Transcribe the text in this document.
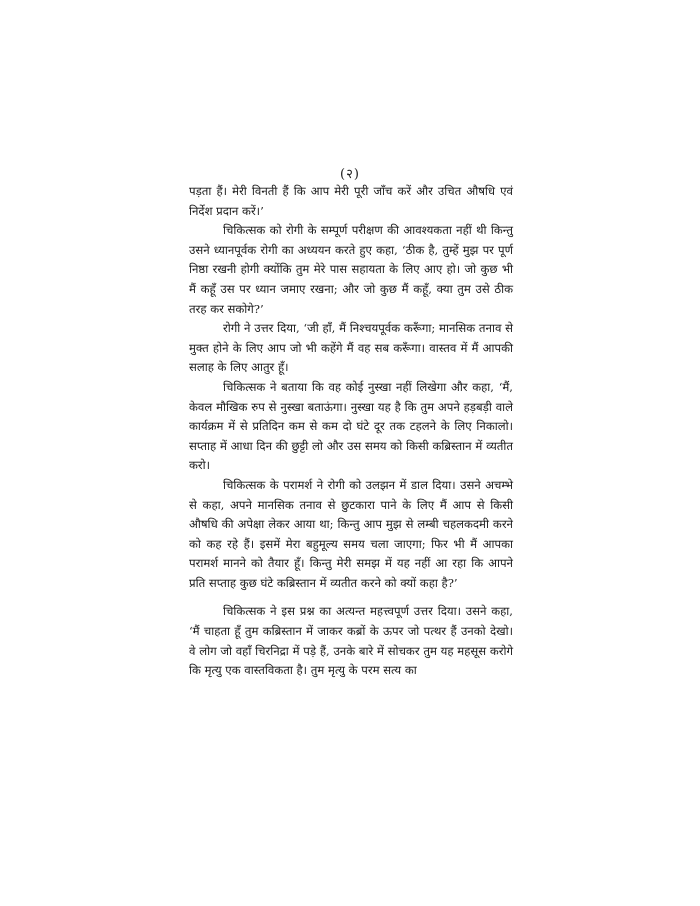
(२)

पड़ता हैं। मेरी विनती हैं कि आप मेरी पूरी जाँच करें और उचित औषधि एवं निर्देश प्रदान करें।’

चिकित्सक को रोगी के सम्पूर्ण परीक्षण की आवश्यकता नहीं थी किन्तु उसने ध्यानपूर्वक रोगी का अध्ययन करते हुए कहा, ‘ठीक है, तुम्हें मुझ पर पूर्ण निष्ठा रखनी होगी क्योंकि तुम मेरे पास सहायता के लिए आए हो। जो कुछ भी मैं कहूँ उस पर ध्यान जमाए रखना; और जो कुछ मैं कहूँ, क्या तुम उसे ठीक तरह कर सकोगे?’

रोगी ने उत्तर दिया, ‘जी हाँ, मैं निश्चयपूर्वक करूँगा; मानसिक तनाव से मुक्त होने के लिए आप जो भी कहेंगे मैं वह सब करूँगा। वास्तव में मैं आपकी सलाह के लिए आतुर हूँ।

चिकित्सक ने बताया कि वह कोई नुस्खा नहीं लिखेगा और कहा, ‘मैं, केवल मौखिक रुप से नुस्खा बताऊंगा। नुस्खा यह है कि तुम अपने हड़बड़ी वाले कार्यक्रम में से प्रतिदिन कम से कम दो घंटे दूर तक टहलने के लिए निकालो। सप्ताह में आधा दिन की छुट्टी लो और उस समय को किसी कब्रिस्तान में व्यतीत करो।

चिकित्सक के परामर्श ने रोगी को उलझन में डाल दिया। उसने अचम्भे से कहा, अपने मानसिक तनाव से छुटकारा पाने के लिए मैं आप से किसी औषधि की अपेक्षा लेकर आया था; किन्तु आप मुझ से लम्बी चहलकदमी करने को कह रहे हैं। इसमें मेरा बहुमूल्य समय चला जाएगा; फिर भी मैं आपका परामर्श मानने को तैयार हूँ। किन्तु मेरी समझ में यह नहीं आ रहा कि आपने प्रति सप्ताह कुछ घंटे कब्रिस्तान में व्यतीत करने को क्यों कहा है?’

चिकित्सक ने इस प्रश्न का अत्यन्त महत्त्वपूर्ण उत्तर दिया। उसने कहा, ‘मैं चाहता हूँ तुम कब्रिस्तान में जाकर कब्रों के ऊपर जो पत्थर हैं उनको देखो। वे लोग जो वहाँ चिरनिद्रा में पड़े हैं, उनके बारे में सोचकर तुम यह महसूस करोगे कि मृत्यु एक वास्तविकता है। तुम मृत्यु के परम सत्य का
